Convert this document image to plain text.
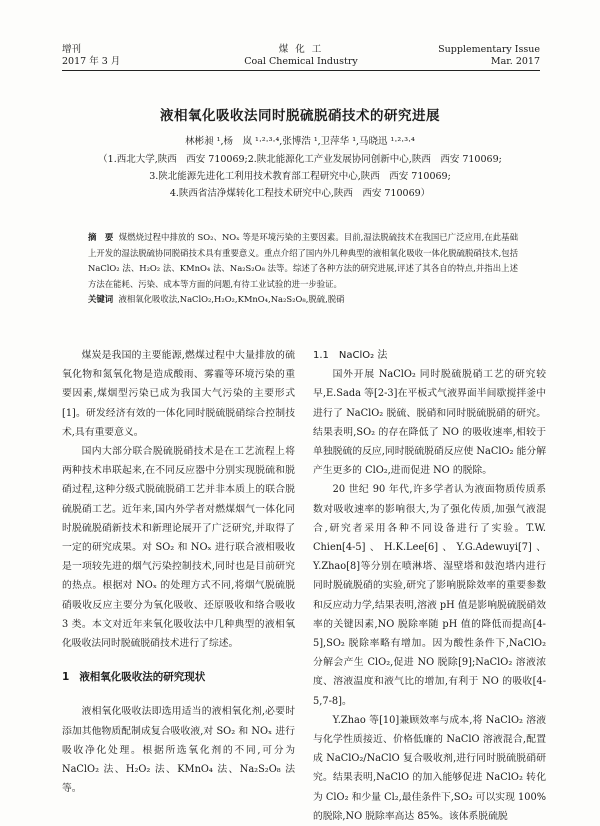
增刊
2017 年 3 月
煤 化 工
Coal Chemical Industry
Supplementary Issue
Mar. 2017
液相氧化吸收法同时脱硫脱硝技术的研究进展
林彬昶 ¹,杨　岚 ¹·²·³·⁴,张博浩 ¹,卫萍华 ¹,马晓迅 ¹·²·³·⁴
（1.西北大学,陕西　西安 710069;2.陕北能源化工产业发展协同创新中心,陕西　西安 710069;
3.陕北能源先进化工利用技术教育部工程研究中心,陕西　西安 710069;
4.陕西省洁净煤转化工程技术研究中心,陕西　西安 710069）
摘　要 煤燃烧过程中排放的 SO₂、NOₓ 等是环境污染的主要因素。目前,湿法脱硫技术在我国已广泛应用,在此基础上开发的湿法脱硫协同脱硝技术具有重要意义。重点介绍了国内外几种典型的液相氧化吸收一体化脱硫脱硝技术,包括 NaClO₂ 法、H₂O₂ 法、KMnO₄ 法、Na₂S₂O₈ 法等。综述了各种方法的研究进展,评述了其各自的特点,并指出上述方法在能耗、污染、成本等方面的问题,有待工业试验的进一步验证。
关键词 液相氧化吸收法,NaClO₂,H₂O₂,KMnO₄,Na₂S₂O₈,脱硫,脱硝

煤炭是我国的主要能源,燃煤过程中大量排放的硫氧化物和氮氧化物是造成酸雨、雾霾等环境污染的重要因素,煤烟型污染已成为我国大气污染的主要形式[1]。研发经济有效的一体化同时脱硫脱硝综合控制技术,具有重要意义。

国内大部分联合脱硫脱硝技术是在工艺流程上将两种技术串联起来,在不同反应器中分别实现脱硫和脱硝过程,这种分级式脱硫脱硝工艺并非本质上的联合脱硫脱硝工艺。近年来,国内外学者对燃煤烟气一体化同时脱硫脱硝新技术和新理论展开了广泛研究,并取得了一定的研究成果。对 SO₂ 和 NOₓ 进行联合液相吸收是一项较先进的烟气污染控制技术,同时也是目前研究的热点。根据对 NOₓ 的处理方式不同,将烟气脱硫脱硝吸收反应主要分为氧化吸收、还原吸收和络合吸收 3 类。本文对近年来氧化吸收法中几种典型的液相氧化吸收法同时脱硫脱硝技术进行了综述。

1 液相氧化吸收法的研究现状

液相氧化吸收法即选用适当的液相氧化剂,必要时添加其他物质配制成复合吸收液,对 SO₂ 和 NOₓ 进行吸收净化处理。根据所选氧化剂的不同,可分为 NaClO₂ 法、H₂O₂ 法、KMnO₄ 法、Na₂S₂O₈ 法等。

1.1 NaClO₂ 法

国外开展 NaClO₂ 同时脱硫脱硝工艺的研究较早,E.Sada 等[2-3]在平板式气液界面半间歇搅拌釜中进行了 NaClO₂ 脱硫、脱硝和同时脱硫脱硝的研究。结果表明,SO₂ 的存在降低了 NO 的吸收速率,相较于单独脱硫的反应,同时脱硫脱硝反应使 NaClO₂ 能分解产生更多的 ClO₂,进而促进 NO 的脱除。

20 世纪 90 年代,许多学者认为液面物质传质系数对吸收速率的影响很大,为了强化传质,加强气液混合,研究者采用各种不同设备进行了实验。T.W. Chien[4-5]、H.K.Lee[6]、Y.G.Adewuyi[7]、Y.Zhao[8]等分别在喷淋塔、湿壁塔和鼓泡塔内进行同时脱硫脱硝的实验,研究了影响脱除效率的重要参数和反应动力学,结果表明,溶液 pH 值是影响脱硫脱硝效率的关键因素,NO 脱除率随 pH 值的降低而提高[4-5],SO₂ 脱除率略有增加。因为酸性条件下,NaClO₂ 分解会产生 ClO₂,促进 NO 脱除[9];NaClO₂ 溶液浓度、溶液温度和液气比的增加,有利于 NO 的吸收[4-5,7-8]。

Y.Zhao 等[10]兼顾效率与成本,将 NaClO₂ 溶液与化学性质接近、价格低廉的 NaClO 溶液混合,配置成 NaClO₂/NaClO 复合吸收剂,进行同时脱硫脱硝研究。结果表明,NaClO 的加入能够促进 NaClO₂ 转化为 ClO₂ 和少量 Cl₂,最佳条件下,SO₂ 可以实现 100%的脱除,NO 脱除率高达 85%。该体系脱硫脱
